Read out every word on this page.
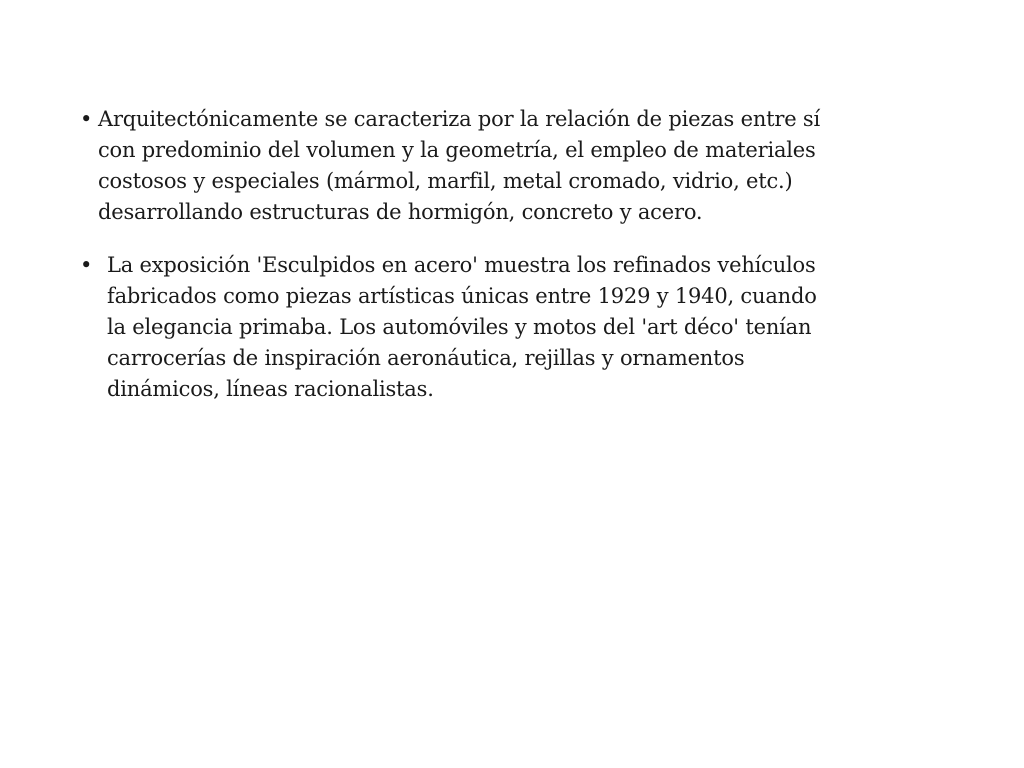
• Arquitectónicamente se caracteriza por la relación de piezas entre sí
con predominio del volumen y la geometría, el empleo de materiales
costosos y especiales (mármol, marfil, metal cromado, vidrio, etc.)
desarrollando estructuras de hormigón, concreto y acero.
• La exposición 'Esculpidos en acero' muestra los refinados vehículos
fabricados como piezas artísticas únicas entre 1929 y 1940, cuando
la elegancia primaba. Los automóviles y motos del 'art déco' tenían
carrocerías de inspiración aeronáutica, rejillas y ornamentos
dinámicos, líneas racionalistas.
